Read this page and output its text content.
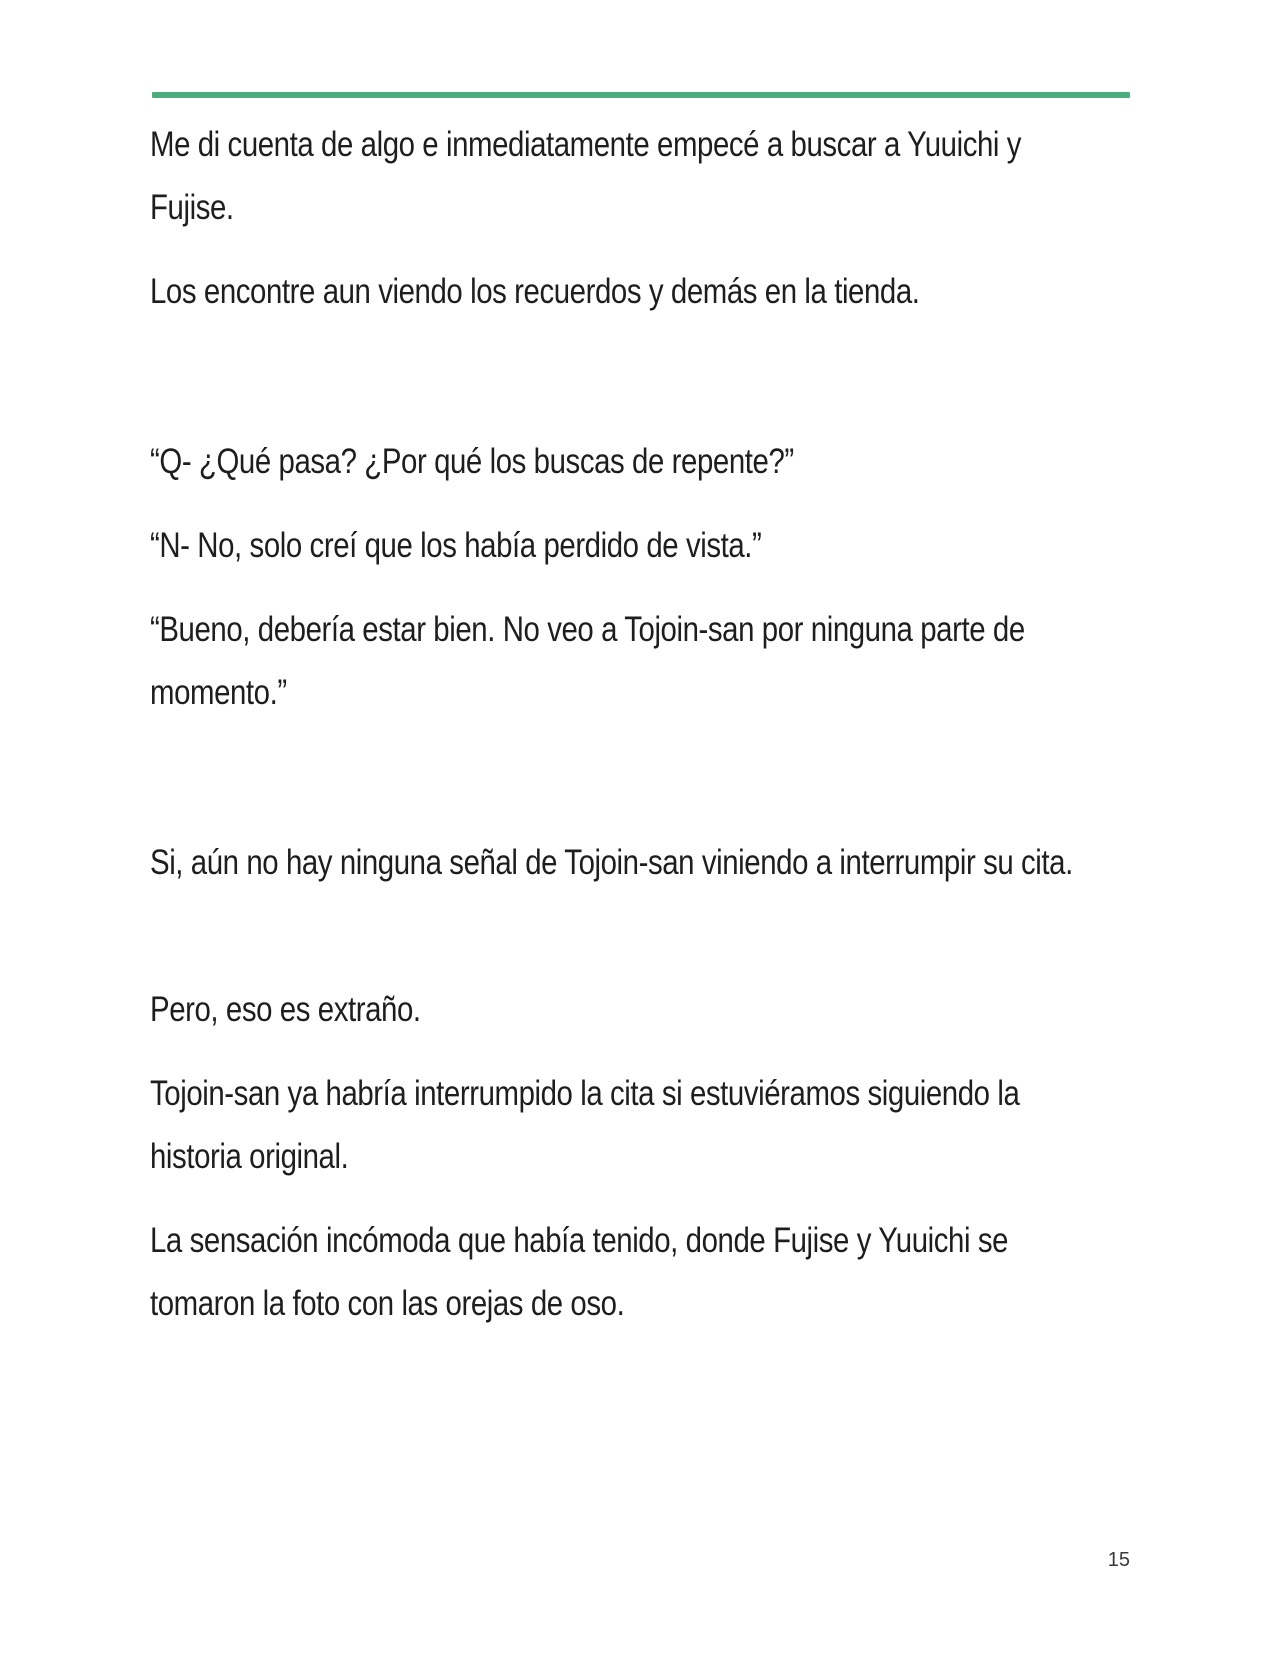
Me di cuenta de algo e inmediatamente empecé a buscar a Yuuichi y Fujise.

Los encontre aun viendo los recuerdos y demás en la tienda.

“Q- ¿Qué pasa? ¿Por qué los buscas de repente?”

“N- No, solo creí que los había perdido de vista.”

“Bueno, debería estar bien. No veo a Tojoin-san por ninguna parte de momento.”

Si, aún no hay ninguna señal de Tojoin-san viniendo a interrumpir su cita.

Pero, eso es extraño.

Tojoin-san ya habría interrumpido la cita si estuviéramos siguiendo la historia original.

La sensación incómoda que había tenido, donde Fujise y Yuuichi se tomaron la foto con las orejas de oso.

15
